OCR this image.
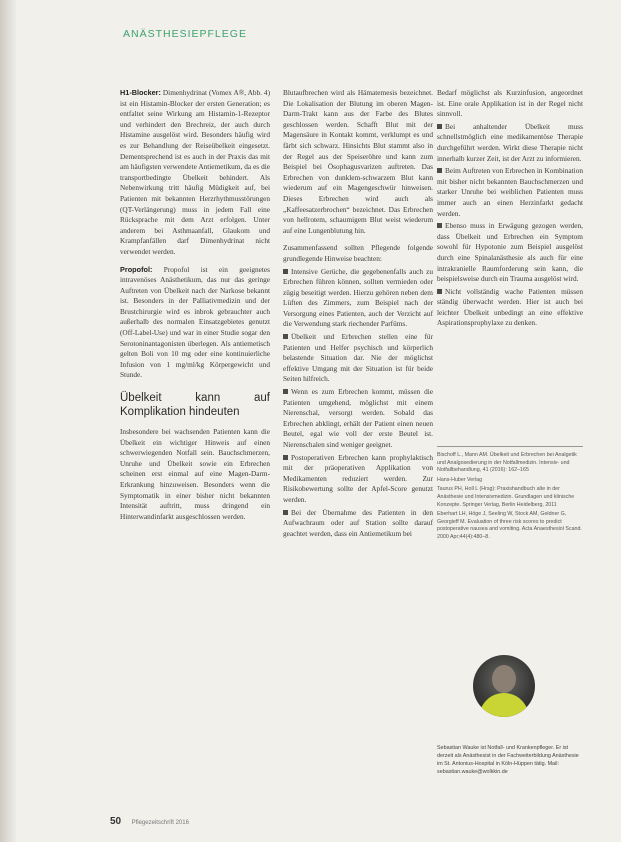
ANÄSTHESIEPFLEGE

H1-Blocker: Dimenhydrinat (Vomex A®, Abb. 4) ist ein Histamin-Blocker der ersten Generation; es entfaltet seine Wirkung am Histamin-1-Rezeptor und verhindert den Brechreiz, der auch durch Histamine ausgelöst wird. Besonders häufig wird es zur Behandlung der Reiseübelkeit eingesetzt. Dementsprechend ist es auch in der Praxis das mit am häufigsten verwendete Antiemetikum, da es die transportbedingte Übelkeit behindert. Als Nebenwirkung tritt häufig Müdigkeit auf, bei Patienten mit bekannten Herzrhythmusstörungen (QT-Verlängerung) muss in jedem Fall eine Rücksprache mit dem Arzt erfolgen. Unter anderem bei Asthmaanfall, Glaukom und Krampfanfällen darf Dimenhydrinat nicht verwendet werden.

Propofol: Propofol ist ein geeignetes intravenöses Anästhetikum, das nur das geringe Auftreten von Übelkeit nach der Narkose bekannt ist. Besonders in der Palliativmedizin und der Brustchirurgie wird es inbrok gebrauchter auch außerhalb des normalen Einsatzgebietes genutzt (Off-Label-Use) und war in einer Studie sogar den Serotoninantagonisten überlegen. Als antiemetisch gelten Boli von 10 mg oder eine kontinuierliche Infusion von 1 mg/ml/kg Körpergewicht und Stunde.

Übelkeit kann auf Komplikation hindeuten

Insbesondere bei wachsenden Patienten kann die Übelkeit ein wichtiger Hinweis auf einen schwerwiegenden Notfall sein. Bauchschmerzen, Unruhe und Übelkeit sowie ein Erbrechen scheinen erst einmal auf eine Magen-Darm-Erkrankung hinzuweisen. Besonders wenn die Symptomatik in einer bisher nicht bekannten Intensität auftritt, muss dringend ein Hinterwandinfarkt ausgeschlossen werden.

Blutaufbrechen wird als Hämatemesis bezeichnet. Die Lokalisation der Blutung im oberen Magen-Darm-Trakt kann aus der Farbe des Blutes geschlossen werden. Schafft Blut mit der Magensäure in Kontakt kommt, verklumpt es und färbt sich schwarz. Hinsichts Blut stammt also in der Regel aus der Speiseröhre und kann zum Beispiel bei Ösophagusvarizen auftreten. Das Erbrechen von dunklem-schwarzem Blut kann wiederum auf ein Magengeschwür hinweisen. Dieses Erbrechen wird auch als „Kaffeesatzerbrochen“ bezeichnet. Das Erbrechen von hellrotem, schaumigem Blut weist wiederum auf eine Lungenblutung hin.

Zusammenfassend sollten Pflegende folgende grundlegende Hinweise beachten:

Intensive Gerüche, die gegebenenfalls auch zu Erbrechen führen können, sollten vermieden oder zügig beseitigt werden. Hierzu gehören neben dem Lüften des Zimmers, zum Beispiel nach der Versorgung eines Patienten, auch der Verzicht auf die Verwendung stark riechender Parfüms.

Übelkeit und Erbrechen stellen eine für Patienten und Helfer psychisch und körperlich belastende Situation dar. Nie der möglichst effektive Umgang mit der Situation ist für beide Seiten hilfreich.

Wenn es zum Erbrechen kommt, müssen die Patienten umgehend, möglichst mit einem Nierenschal, versorgt werden. Sobald das Erbrechen abklingt, erhält der Patient einen neuen Beutel, egal wie voll der erste Beutel ist. Nierenschalen sind weniger geeignet.

Postoperativen Erbrechen kann prophylaktisch mit der präoperativen Applikation von Medikamenten reduziert werden. Zur Risikobewertung sollte der Apfel-Score genutzt werden.

Bei der Übernahme des Patienten in den Aufwachraum oder auf Station sollte darauf geachtet werden, dass ein Antiemetikum bei

Bedarf möglichst als Kurzinfusion, angeordnet ist. Eine orale Applikation ist in der Regel nicht sinnvoll.

Bei anhaltender Übelkeit muss schnellstmöglich eine medikamentöse Therapie durchgeführt werden. Wirkt diese Therapie nicht innerhalb kurzer Zeit, ist der Arzt zu informieren.

Beim Auftreten von Erbrechen in Kombination mit bisher nicht bekannten Bauchschmerzen und starker Unruhe bei weiblichen Patienten muss immer auch an einen Herzinfarkt gedacht werden.

Ebenso muss in Erwägung gezogen werden, dass Übelkeit und Erbrechen ein Symptom sowohl für Hypotonie zum Beispiel ausgelöst durch eine Spinalanästhesie als auch für eine intrakranielle Raumforderung sein kann, die beispielsweise durch ein Trauma ausgelöst wird.

Nicht vollständig wache Patienten müssen ständig überwacht werden. Hier ist auch bei leichter Übelkeit unbedingt an eine effektive Aspirationsprophylaxe zu denken.

Bischoff L., Mann AM. Übelkeit und Erbrechen bei Analgetik und Analgosedierung in der Notfallmedizin. Intensiv- und Notfallbehandlung, 41 (2016): 162–165

Hans-Huber Verlag

Taurus PH, Holl L (Hrsg): Praxishandbuch alte in der Anästhesie und Intensivmedizin. Grundlagen und klinische Konzepte. Springer Verlag, Berlin Heidelberg, 2011

Eberhart LH, Höge J, Seeling W, Stock AM, Geldner G, Georgieff M. Evaluation of three risk scores to predict postoperative nausea and vomiting. Acta Anaesthesiol Scand. 2000 Apr;44(4):480–8.

Sebastian Wauke ist Notfall- und Krankenpfleger. Er ist derzeit als Anästhesist in der Fachweiterbildung Anästhesie im St. Antonius-Hospital in Köln-Hüppen tätig. Mail: sebastian.wauke@wolkkin.de
50 Pflegezeitschrift 2016
